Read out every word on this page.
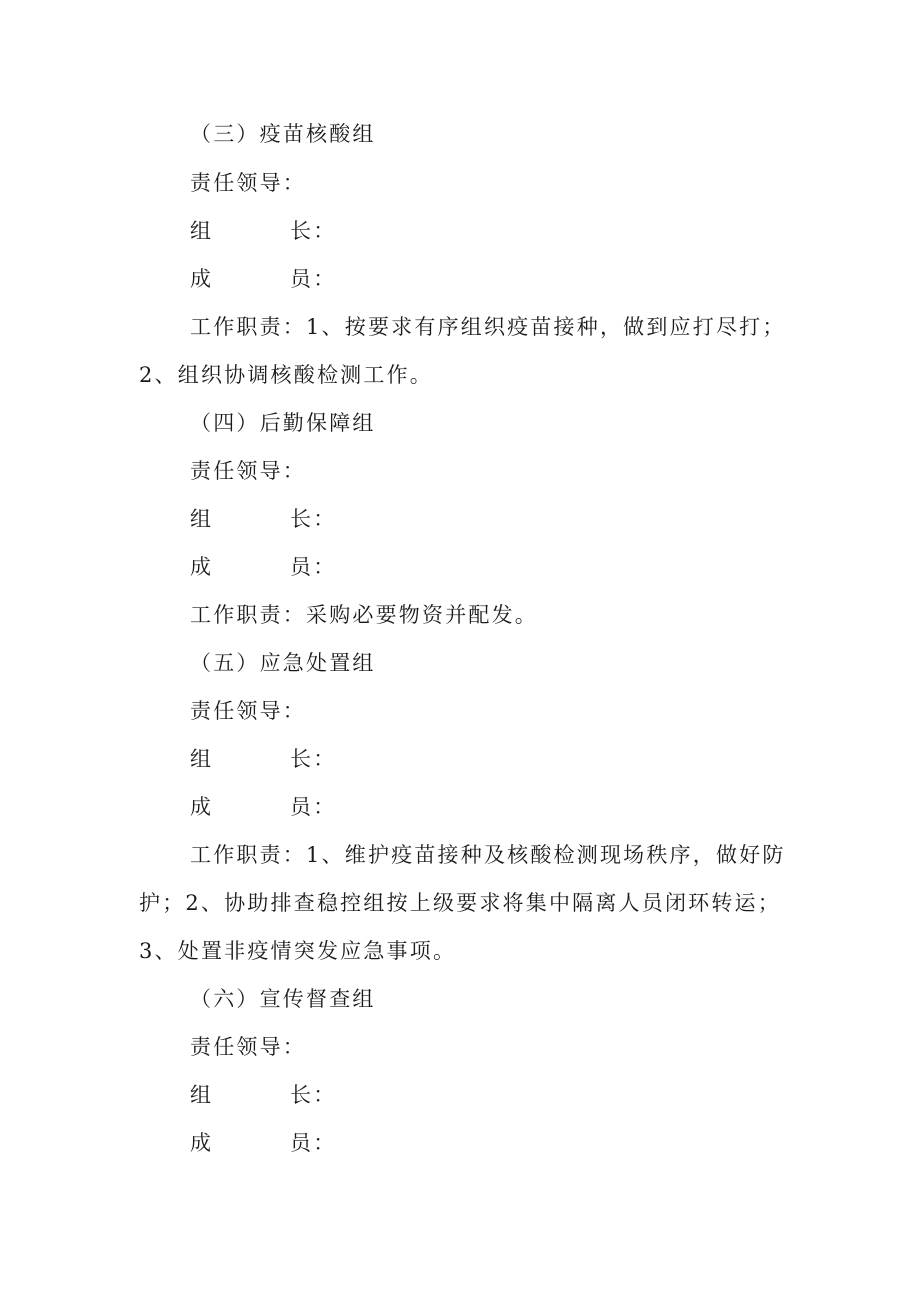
（三）疫苗核酸组
责任领导：
组	长：
成	员：
工作职责：1、按要求有序组织疫苗接种，做到应打尽打；
2、组织协调核酸检测工作。
（四）后勤保障组
责任领导：
组	长：
成	员：
工作职责：采购必要物资并配发。
（五）应急处置组
责任领导：
组	长：
成	员：
工作职责：1、维护疫苗接种及核酸检测现场秩序，做好防
护；2、协助排查稳控组按上级要求将集中隔离人员闭环转运；
3、处置非疫情突发应急事项。
（六）宣传督查组
责任领导：
组	长：
成	员：
